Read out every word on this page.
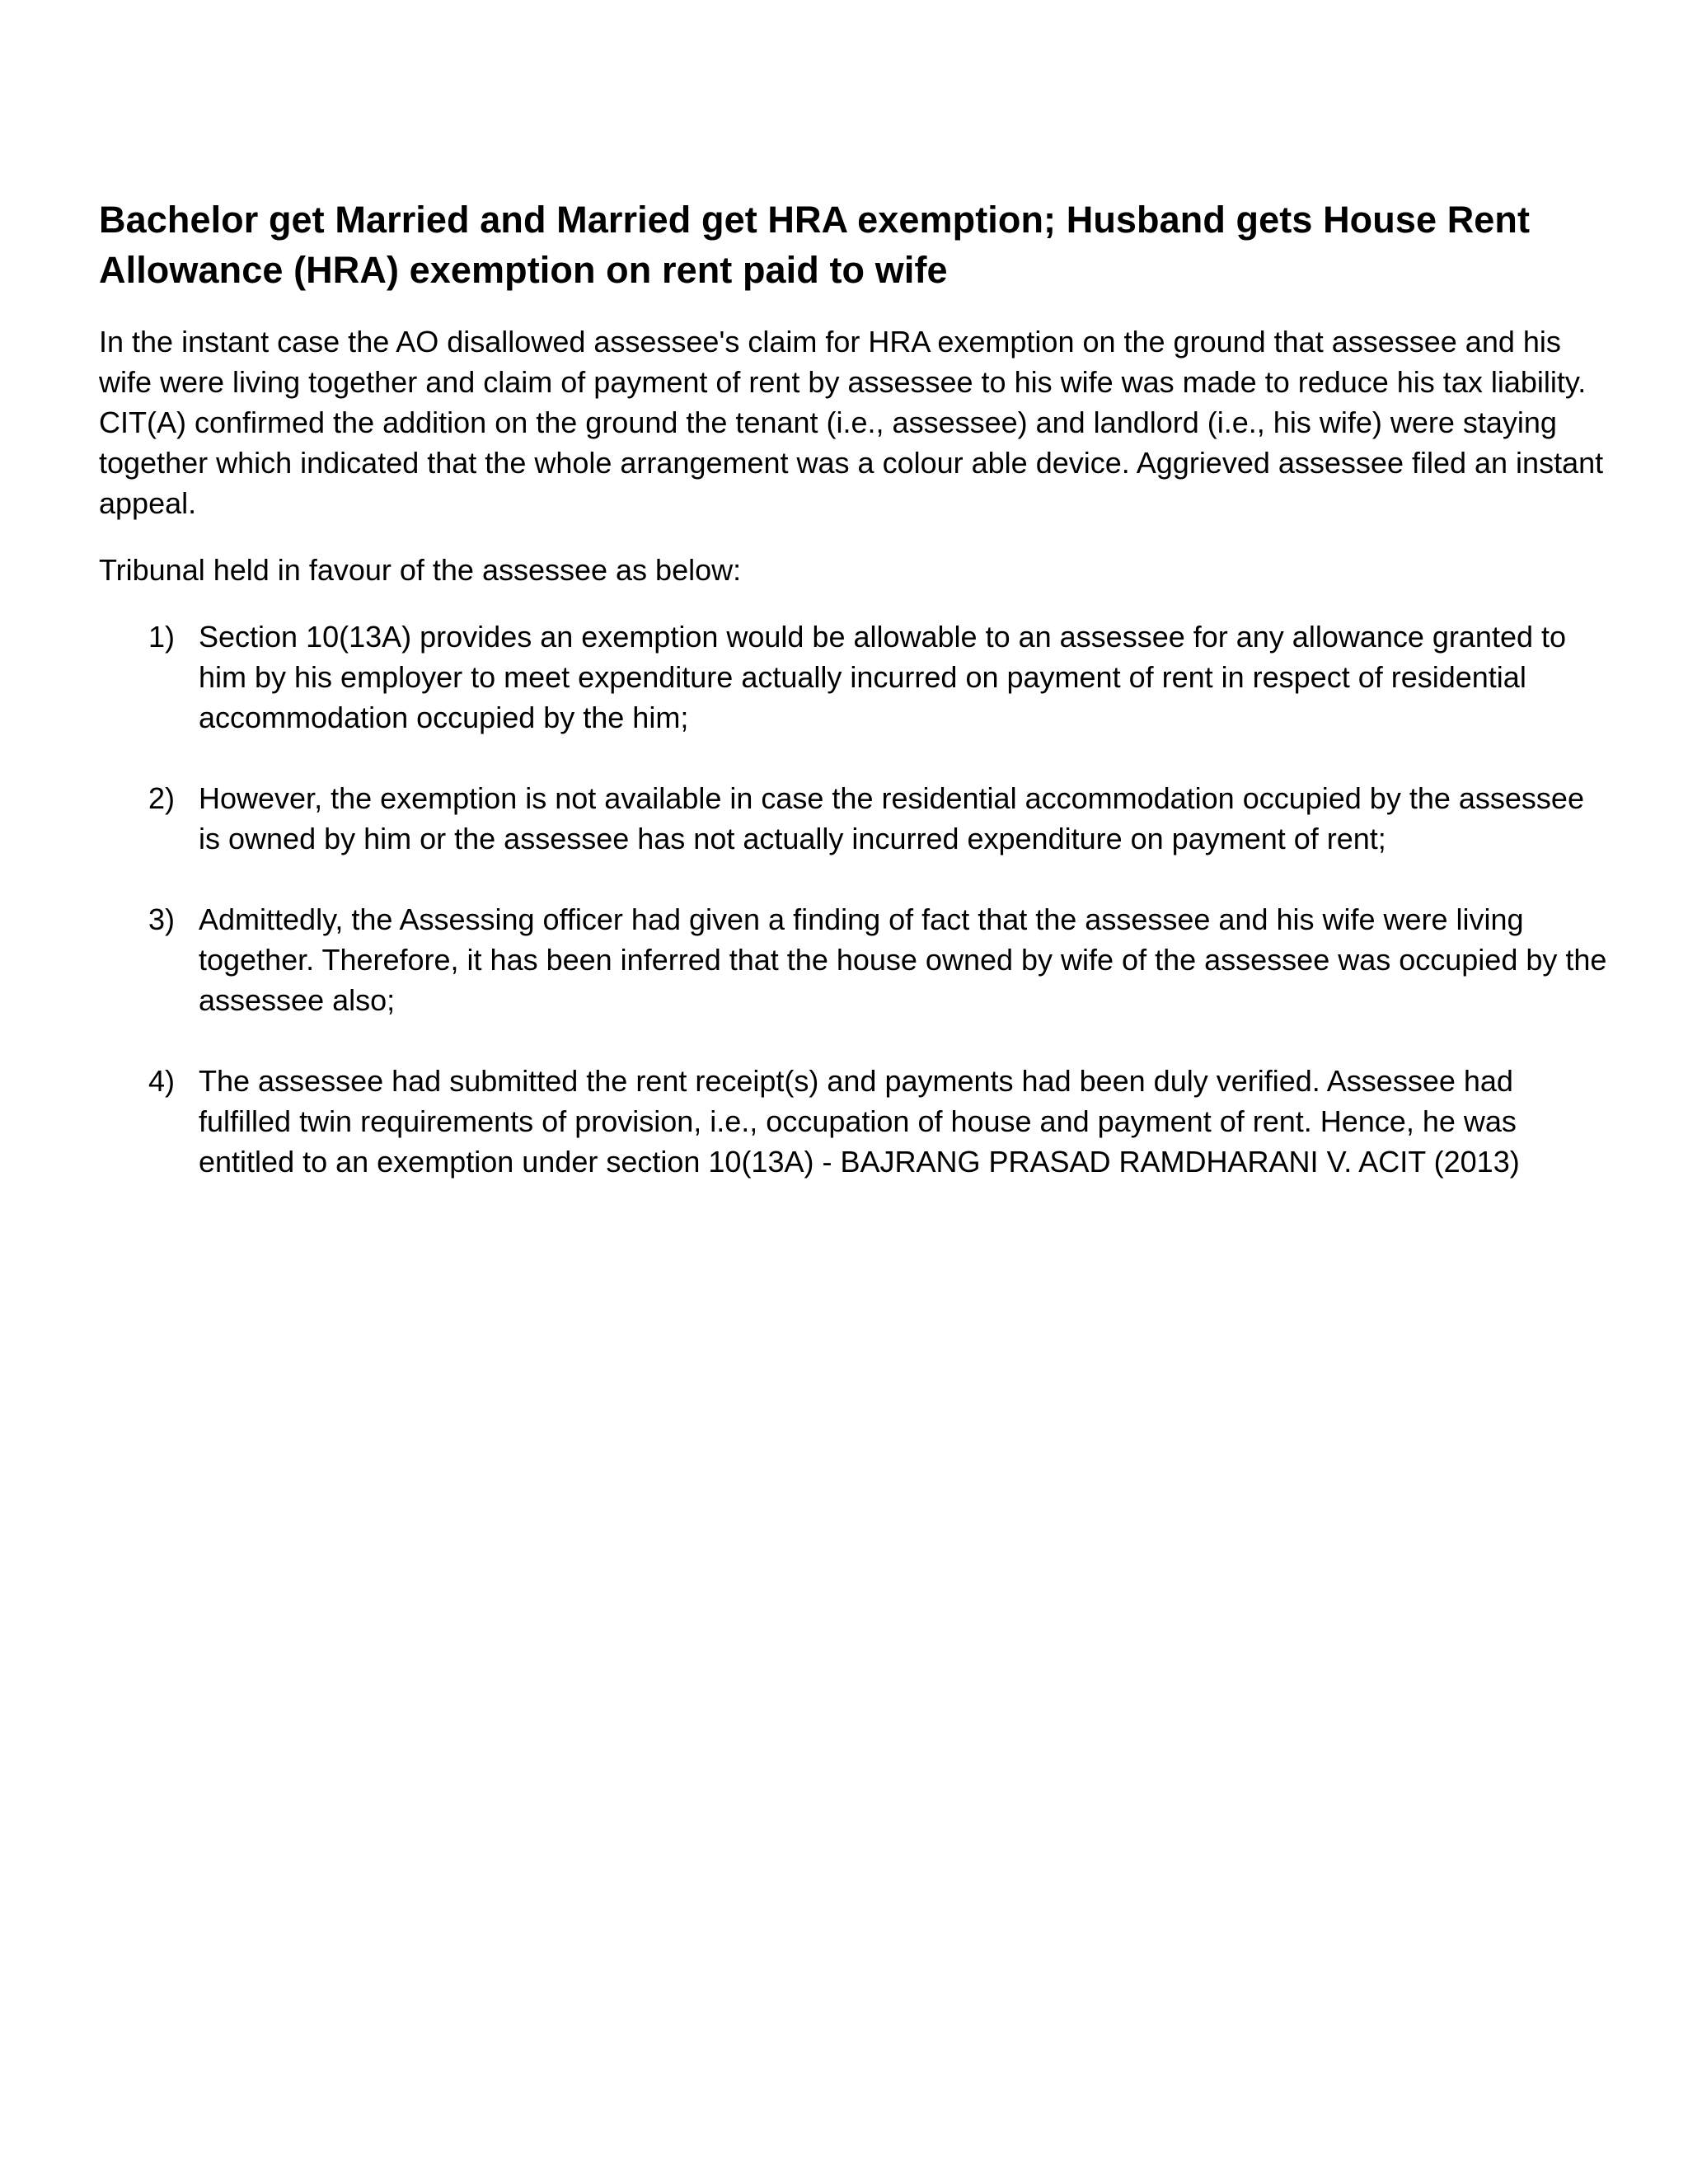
Bachelor get Married and Married get HRA exemption; Husband gets House Rent Allowance (HRA) exemption on rent paid to wife

In the instant case the AO disallowed assessee's claim for HRA exemption on the ground that assessee and his wife were living together and claim of payment of rent by assessee to his wife was made to reduce his tax liability. CIT(A) confirmed the addition on the ground the tenant (i.e., assessee) and landlord (i.e., his wife) were staying together which indicated that the whole arrangement was a colour able device. Aggrieved assessee filed an instant appeal.

Tribunal held in favour of the assessee as below:

1) Section 10(13A) provides an exemption would be allowable to an assessee for any allowance granted to him by his employer to meet expenditure actually incurred on payment of rent in respect of residential accommodation occupied by the him;
2) However, the exemption is not available in case the residential accommodation occupied by the assessee is owned by him or the assessee has not actually incurred expenditure on payment of rent;
3) Admittedly, the Assessing officer had given a finding of fact that the assessee and his wife were living together. Therefore, it has been inferred that the house owned by wife of the assessee was occupied by the assessee also;
4) The assessee had submitted the rent receipt(s) and payments had been duly verified. Assessee had fulfilled twin requirements of provision, i.e., occupation of house and payment of rent. Hence, he was entitled to an exemption under section 10(13A) - BAJRANG PRASAD RAMDHARANI V. ACIT (2013)
